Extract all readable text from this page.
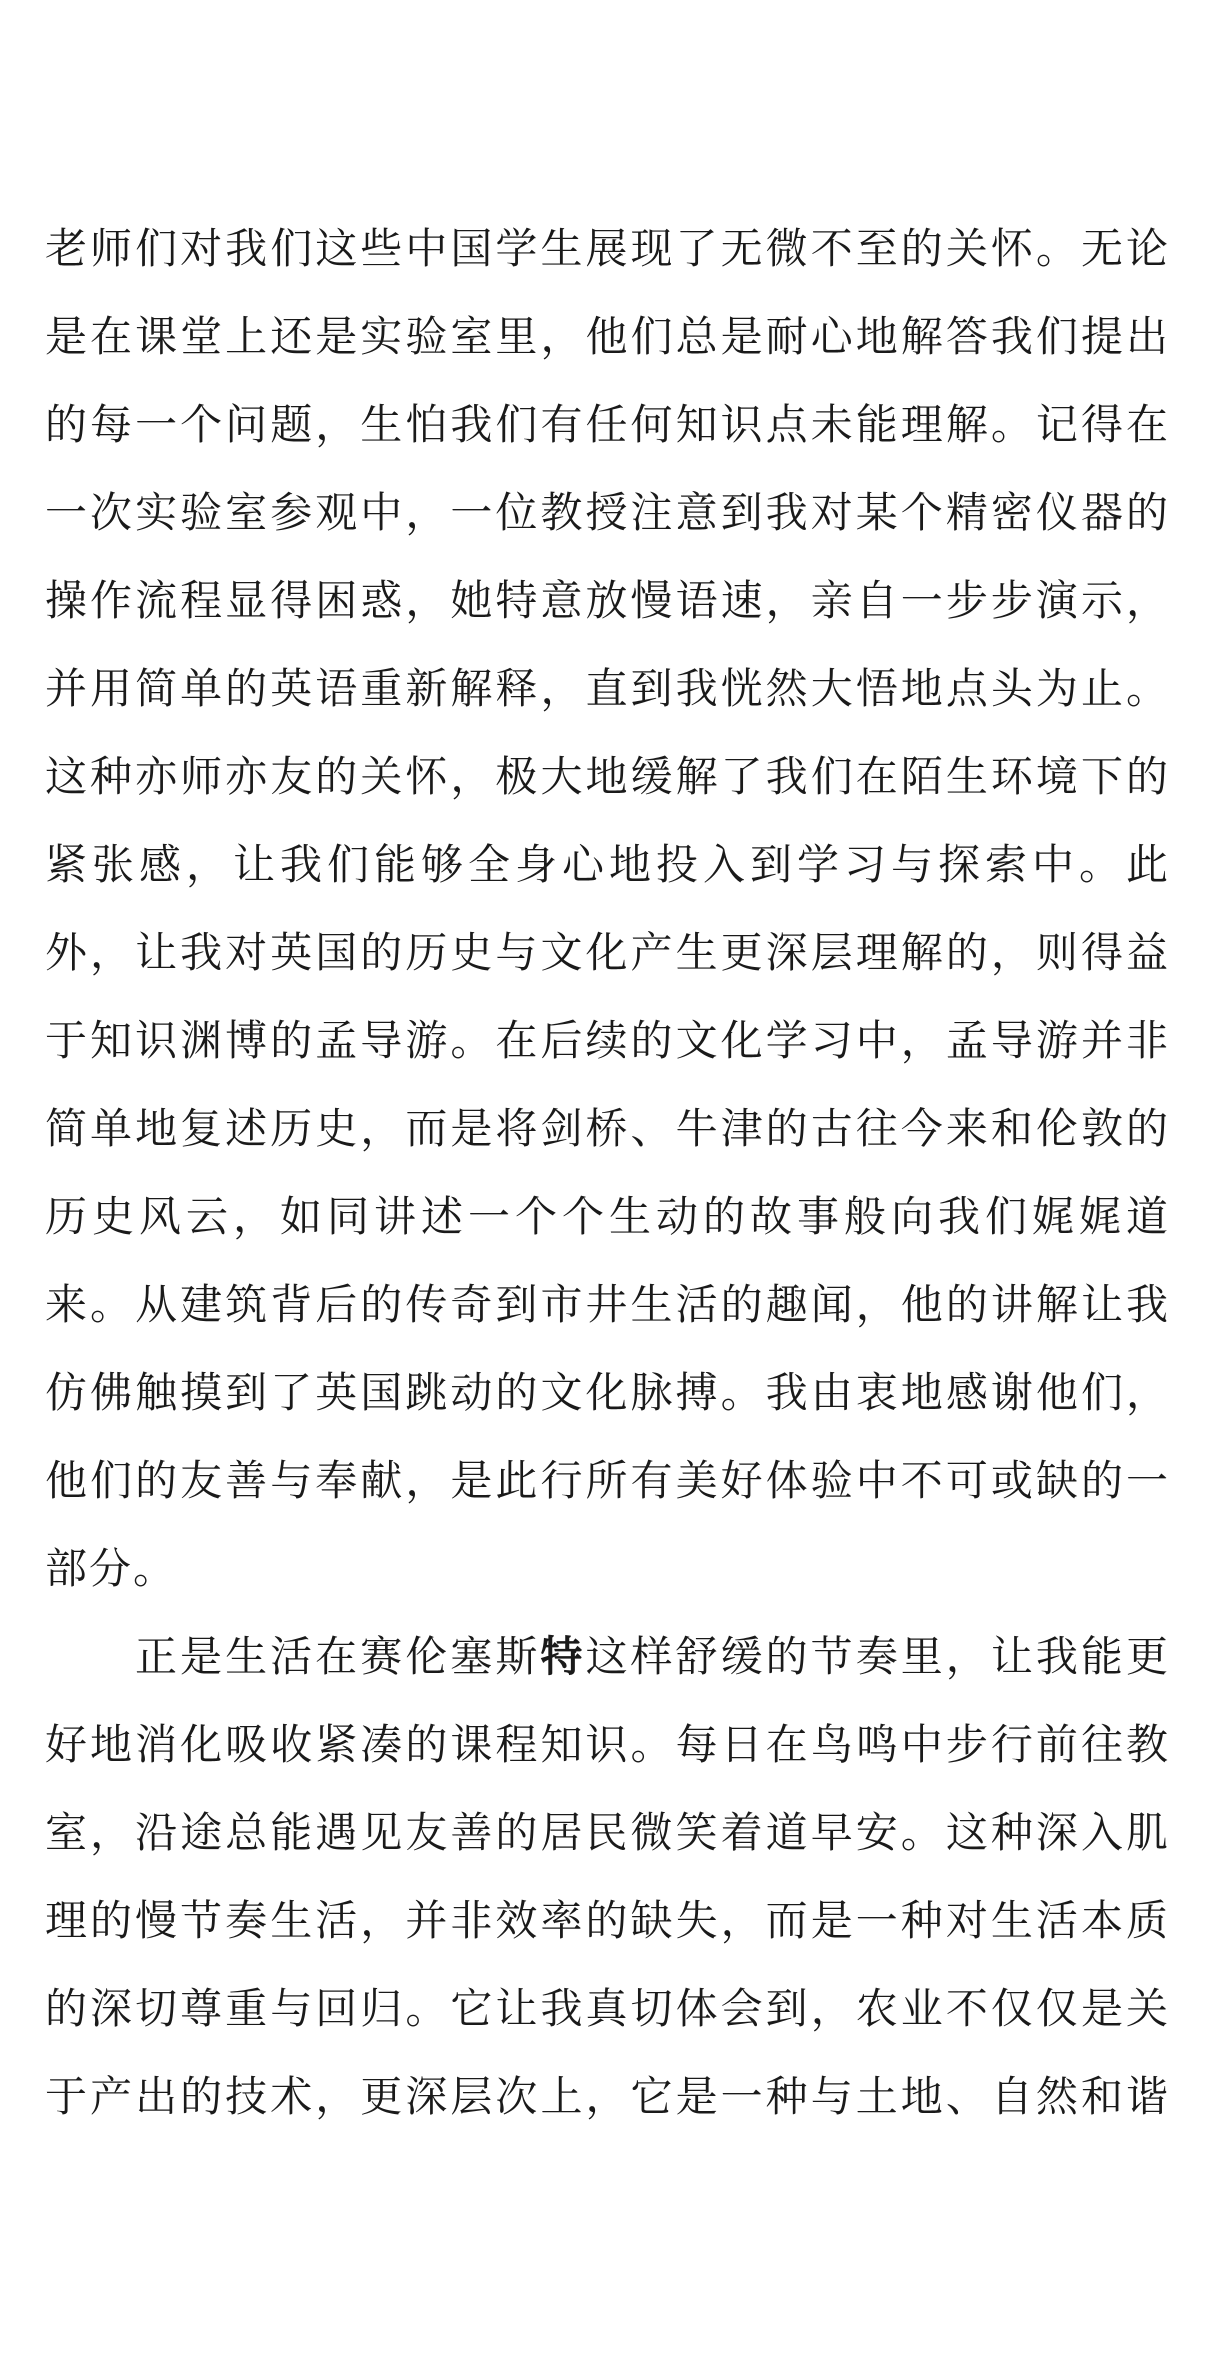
老师们对我们这些中国学生展现了无微不至的关怀。无论
是在课堂上还是实验室里，他们总是耐心地解答我们提出
的每一个问题，生怕我们有任何知识点未能理解。记得在
一次实验室参观中，一位教授注意到我对某个精密仪器的
操作流程显得困惑，她特意放慢语速，亲自一步步演示，
并用简单的英语重新解释，直到我恍然大悟地点头为止。
这种亦师亦友的关怀，极大地缓解了我们在陌生环境下的
紧张感，让我们能够全身心地投入到学习与探索中。此
外，让我对英国的历史与文化产生更深层理解的，则得益
于知识渊博的孟导游。在后续的文化学习中，孟导游并非
简单地复述历史，而是将剑桥、牛津的古往今来和伦敦的
历史风云，如同讲述一个个生动的故事般向我们娓娓道
来。从建筑背后的传奇到市井生活的趣闻，他的讲解让我
仿佛触摸到了英国跳动的文化脉搏。我由衷地感谢他们，
他们的友善与奉献，是此行所有美好体验中不可或缺的一
部分。
正是生活在赛伦塞斯特这样舒缓的节奏里，让我能更
好地消化吸收紧凑的课程知识。每日在鸟鸣中步行前往教
室，沿途总能遇见友善的居民微笑着道早安。这种深入肌
理的慢节奏生活，并非效率的缺失，而是一种对生活本质
的深切尊重与回归。它让我真切体会到，农业不仅仅是关
于产出的技术，更深层次上，它是一种与土地、自然和谐
